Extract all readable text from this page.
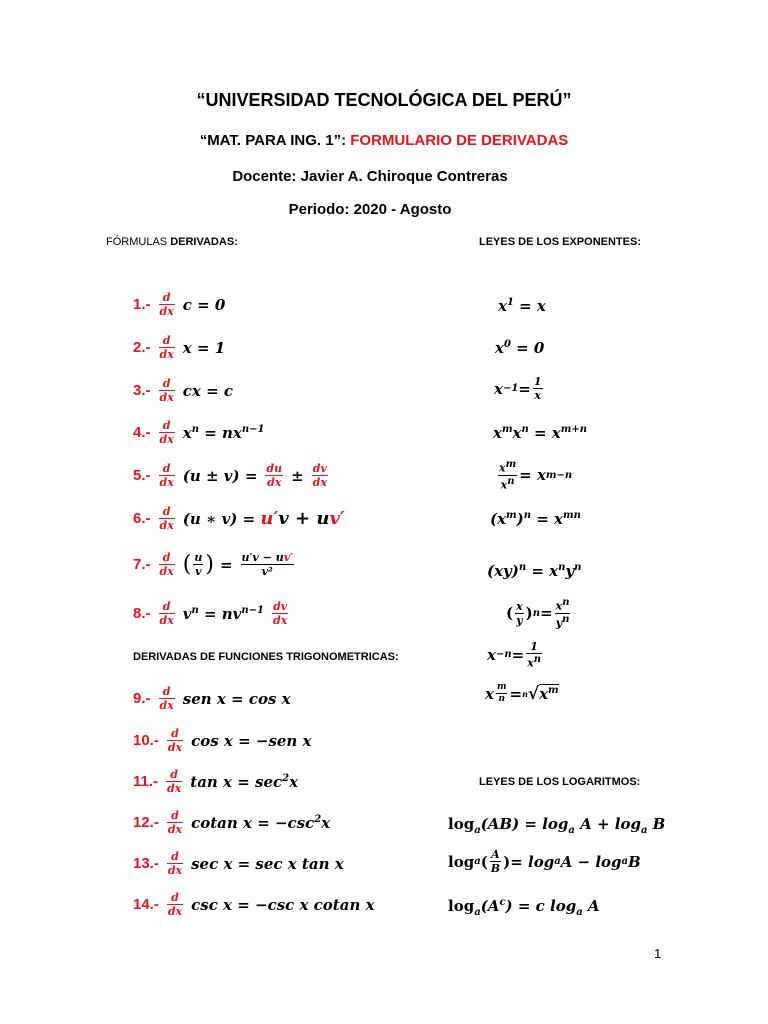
“UNIVERSIDAD TECNOLÓGICA DEL PERÚ”
“MAT. PARA ING. 1”: FORMULARIO DE DERIVADAS
Docente: Javier A. Chiroque Contreras
Periodo: 2020 - Agosto
FÓRMULAS DERIVADAS:	LEYES DE LOS EXPONENTES:
DERIVADAS DE FUNCIONES TRIGONOMETRICAS:
LEYES DE LOS LOGARITMOS:
$1.- \frac{d}{dx}$ c = 0
$2.- \frac{d}{dx}$ x = 1
$3.- \frac{d}{dx}$ cx = c
$4.- \frac{d}{dx} x^n = nx^{n-1}$
$5.- \frac{d}{dx} (u \pm v) = \frac{du}{dx} \pm \frac{dv}{dx}$
$6.- \frac{d}{dx} (u$ ∗ v) = u′v + uv′
$7.- \frac{d}{dx}$ ( $\frac{u}{v}$ ) = $\frac{u'v - uv'}{\text{v²}}$
$8.- \frac{d}{dx} v^n = nv^{n-1} \frac{dv}{dx}$
$9.- \frac{d}{dx}$ sen x = cos x
$10.- \frac{d}{dx}$ cos x = −sen x
$11.- \frac{d}{dx}$ $\tan x = \sec^2x$
$12.- \frac{d}{dx}$ cotan $x = -\csc^2x$
$13.- \frac{d}{dx}$ sec x = sec x tan x
$14.- \frac{d}{dx}$ csc x = −csc x cotan x
$x^1 = x$
$x^0 = 0$
$x -1 = \frac{1}{x}$
$x^mx^n = x^{m+n}$
$\frac{x^m}{x^n} = x$ m−n
$(x^m)^n = x^{mn}$
$(xy)^n = x^ny^n$
( $\frac{x}{y}$ ) $n = \frac{x^n}{y^n}$
$x -n = \frac{1}{x^n}$
x $\frac{m}{n} = n$ √ $x^m$
$\log_a(AB) = \log_a A + \log_a B$
log a ( $\frac{A}{B}$ ) = log a A − log a B
$\log_a(A^c) = c$ $\log_a A$
1
